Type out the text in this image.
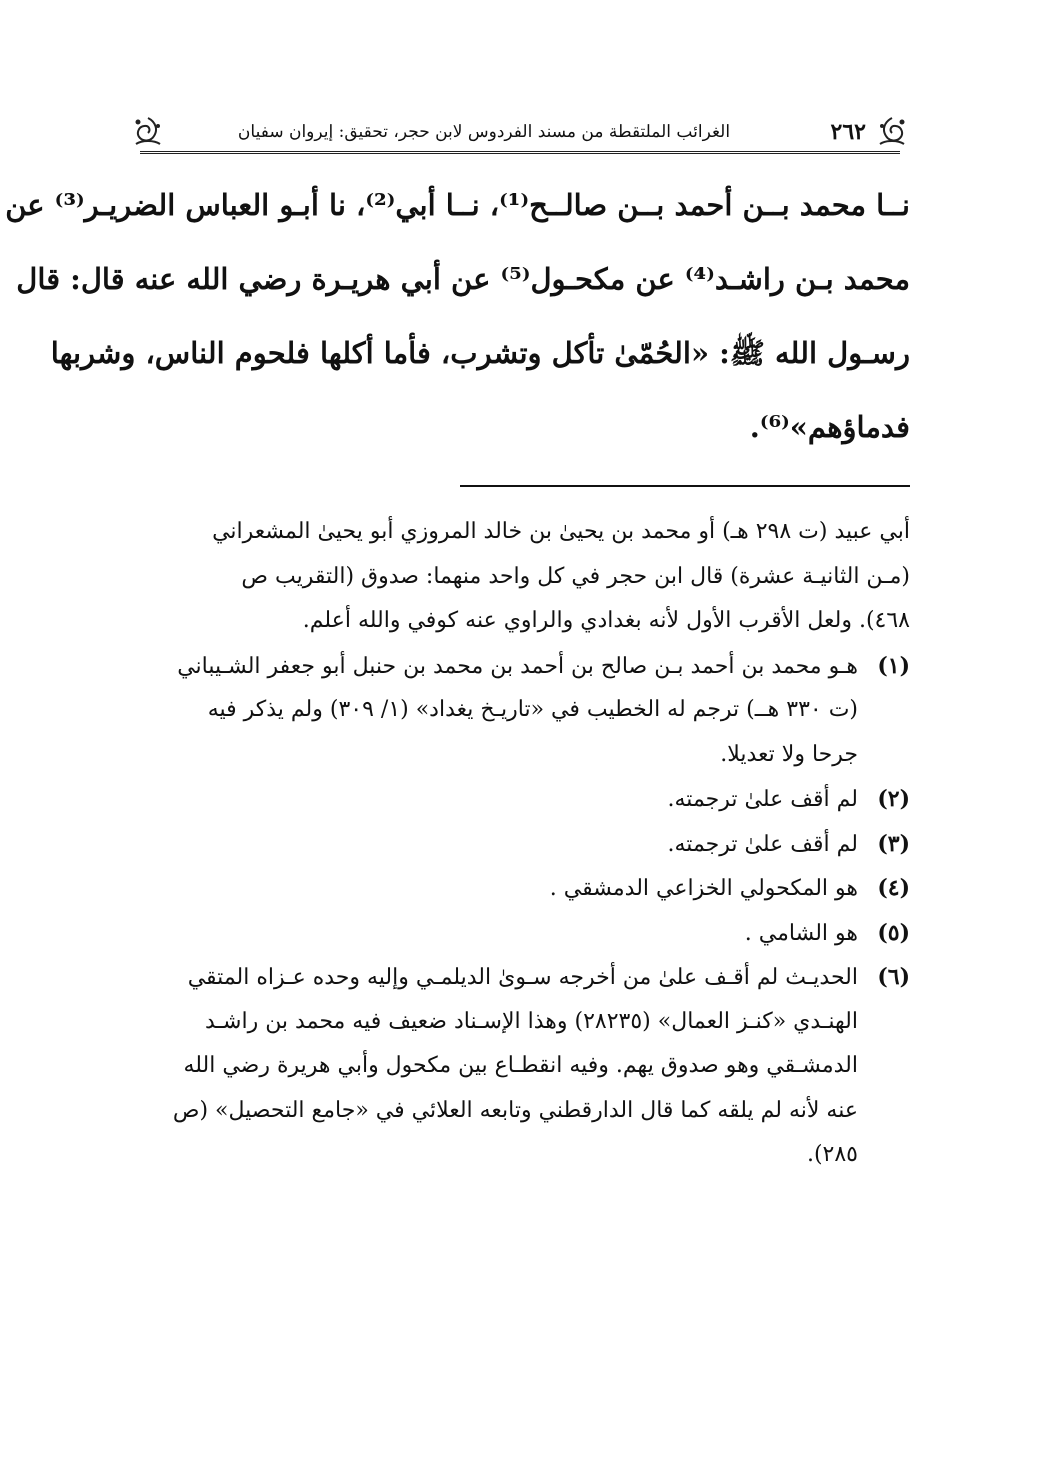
٢٦٢
الغرائب الملتقطة من مسند الفردوس لابن حجر، تحقيق: إيروان سفيان
نــا محمد بــن أحمد بــن صالــح⁽¹⁾، نــا أبي⁽²⁾، نا أبـو العباس الضريـر⁽³⁾ عن
محمد بـن راشـد⁽⁴⁾ عن مكحـول⁽⁵⁾ عن أبي هريـرة رضي الله عنه قال: قال
رسـول الله ﷺ: «الحُمّىٰ تأكل وتشرب، فأما أكلها فلحوم الناس، وشربها
فدماؤهم»⁽⁶⁾.
أبي عبيد (ت ٢٩٨ هـ) أو محمد بن يحيىٰ بن خالد المروزي أبو يحيىٰ المشعراني
(مـن الثانيـة عشرة) قال ابن حجر في كل واحد منهما: صدوق (التقريب ص
٤٦٨). ولعل الأقرب الأول لأنه بغدادي والراوي عنه كوفي والله أعلم.
(١)هـو محمد بن أحمد بـن صالح بن أحمد بن محمد بن حنبل أبو جعفر الشـيباني
(ت ٣٣٠ هــ) ترجم له الخطيب في «تاريـخ يغداد» (١/ ٣٠٩) ولم يذكر فيه
جرحا ولا تعديلا.
(٢)لم أقف علىٰ ترجمته.
(٣)لم أقف علىٰ ترجمته.
(٤)هو المكحولي الخزاعي الدمشقي .
(٥)هو الشامي .
(٦)الحديـث لم أقـف علىٰ من أخرجه سـوىٰ الديلمـي وإليه وحده عـزاه المتقي
الهنـدي «كنـز العمال» (٢٨٢٣٥) وهذا الإسـناد ضعيف فيه محمد بن راشـد
الدمشـقي وهو صدوق يهم. وفيه انقطـاع بين مكحول وأبي هريرة رضي الله
عنه لأنه لم يلقه كما قال الدارقطني وتابعه العلائي في «جامع التحصيل» (ص
٢٨٥).
